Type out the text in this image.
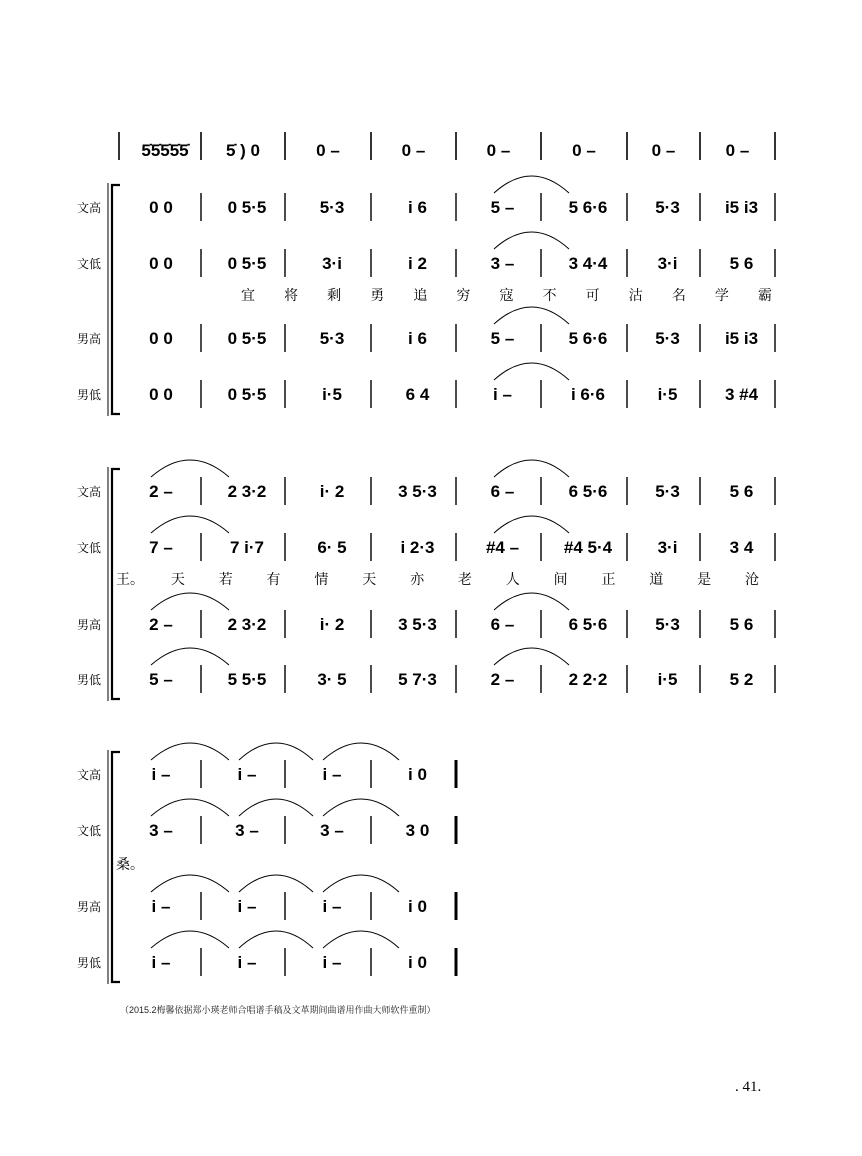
5̇5̇5̇5̇5̇ 5̇ ) 0	0 –	0 –	0 –	0 –	0 –	0 –
文高	0 0	0 5·5	5·3	i 6	5 –	5 6·6	5·3	i5 i3
文低	0 0	0 5·5	3·i	i 2	3 –	3 4·4	3·i	5 6
男高	0 0	0 5·5	5·3	i 6	5 –	5 6·6	5·3	i5 i3
男低	0 0	0 5·5	i·5	6 4	i –	i 6·6	i·5	3 #4
宜 将 剩 勇 追 穷 寇 不 可 沽 名 学 霸
文高	2 –	2 3·2	i· 2	3 5·3	6 –	6 5·6	5·3	5 6
文低	7 –	7 i·7	6· 5	i 2·3	#4 –	#4 5·4	3·i	3 4
男高	2 –	2 3·2	i· 2	3 5·3	6 –	6 5·6	5·3	5 6
男低	5 –	5 5·5	3· 5	5 7·3	2 –	2 2·2	i·5	5 2
王。 天 若 有 情 天 亦 老 人 间 正 道 是 沧
文高	i –	i –	i –	i 0
文低	3 –	3 –	3 –	3 0
男高	i –	i –	i –	i 0
男低	i –	i –	i –	i 0
桑。
（2015.2梅馨依据郑小瑛老师合唱谱手稿及文革期间曲谱用作曲大师软件重制）
. 41.
